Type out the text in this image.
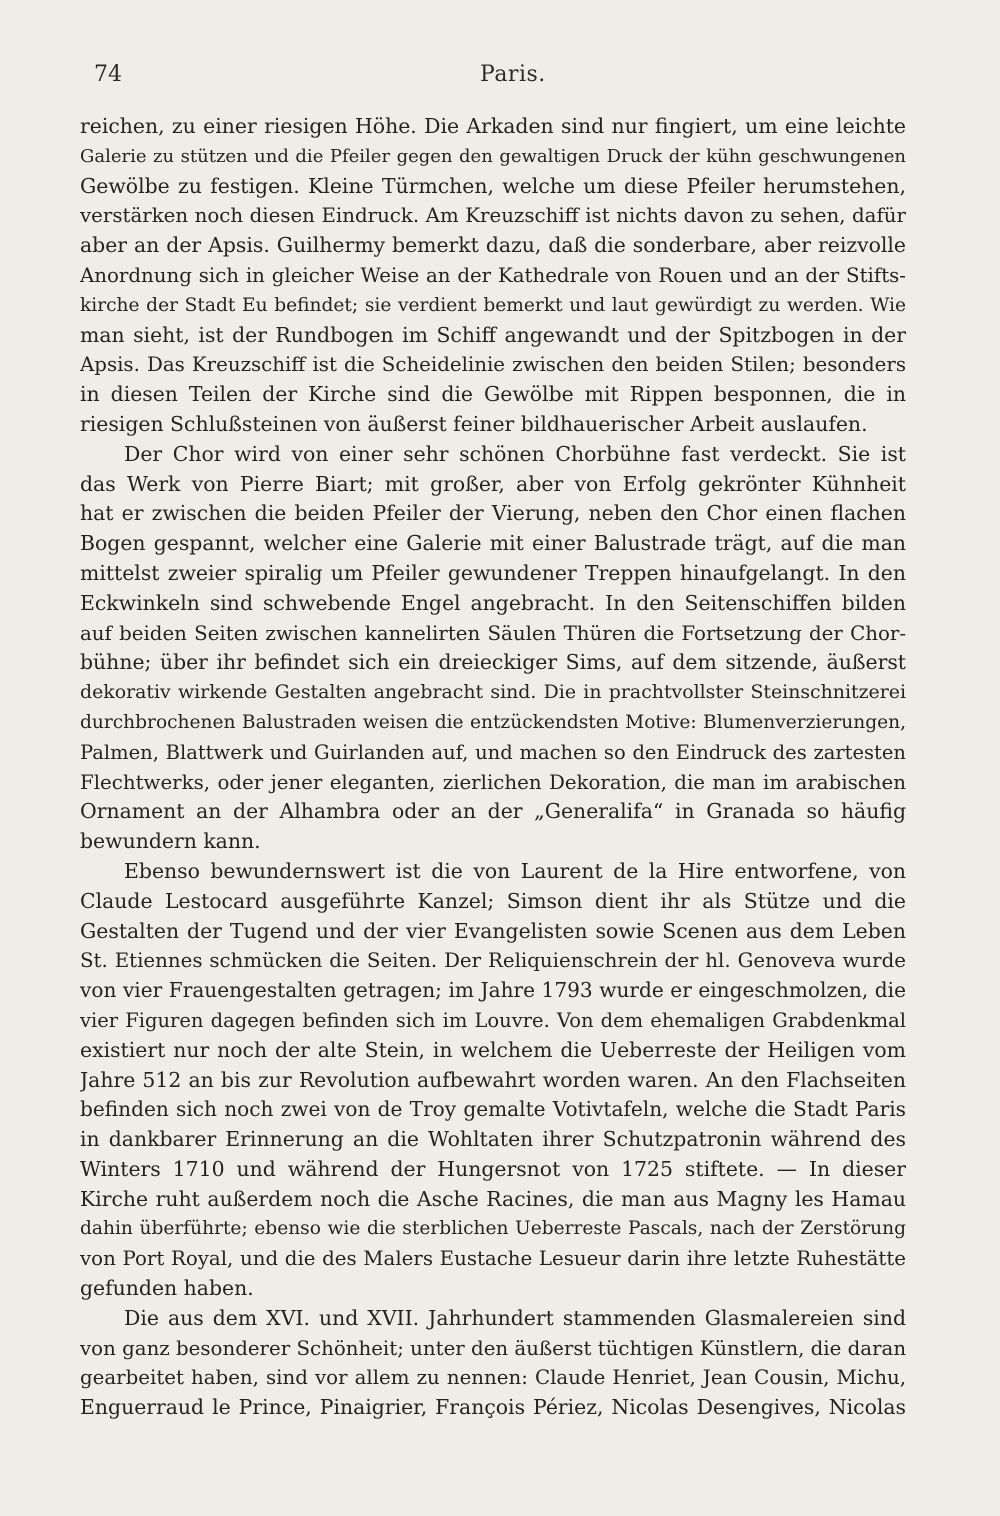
74	Paris.
reichen, zu einer riesigen Höhe. Die Arkaden sind nur fingiert, um eine leichte
Galerie zu stützen und die Pfeiler gegen den gewaltigen Druck der kühn geschwungenen
Gewölbe zu festigen. Kleine Türmchen, welche um diese Pfeiler herumstehen,
verstärken noch diesen Eindruck. Am Kreuzschiff ist nichts davon zu sehen, dafür
aber an der Apsis. Guilhermy bemerkt dazu, daß die sonderbare, aber reizvolle
Anordnung sich in gleicher Weise an der Kathedrale von Rouen und an der Stifts-
kirche der Stadt Eu befindet; sie verdient bemerkt und laut gewürdigt zu werden. Wie
man sieht, ist der Rundbogen im Schiff angewandt und der Spitzbogen in der
Apsis. Das Kreuzschiff ist die Scheidelinie zwischen den beiden Stilen; besonders
in diesen Teilen der Kirche sind die Gewölbe mit Rippen besponnen, die in
riesigen Schlußsteinen von äußerst feiner bildhauerischer Arbeit auslaufen.
Der Chor wird von einer sehr schönen Chorbühne fast verdeckt. Sie ist
das Werk von Pierre Biart; mit großer, aber von Erfolg gekrönter Kühnheit
hat er zwischen die beiden Pfeiler der Vierung, neben den Chor einen flachen
Bogen gespannt, welcher eine Galerie mit einer Balustrade trägt, auf die man
mittelst zweier spiralig um Pfeiler gewundener Treppen hinaufgelangt. In den
Eckwinkeln sind schwebende Engel angebracht. In den Seitenschiffen bilden
auf beiden Seiten zwischen kannelirten Säulen Thüren die Fortsetzung der Chor-
bühne; über ihr befindet sich ein dreieckiger Sims, auf dem sitzende, äußerst
dekorativ wirkende Gestalten angebracht sind. Die in prachtvollster Steinschnitzerei
durchbrochenen Balustraden weisen die entzückendsten Motive: Blumenverzierungen,
Palmen, Blattwerk und Guirlanden auf, und machen so den Eindruck des zartesten
Flechtwerks, oder jener eleganten, zierlichen Dekoration, die man im arabischen
Ornament an der Alhambra oder an der „Generalifa“ in Granada so häufig
bewundern kann.
Ebenso bewundernswert ist die von Laurent de la Hire entworfene, von
Claude Lestocard ausgeführte Kanzel; Simson dient ihr als Stütze und die
Gestalten der Tugend und der vier Evangelisten sowie Scenen aus dem Leben
St. Etiennes schmücken die Seiten. Der Reliquienschrein der hl. Genoveva wurde
von vier Frauengestalten getragen; im Jahre 1793 wurde er eingeschmolzen, die
vier Figuren dagegen befinden sich im Louvre. Von dem ehemaligen Grabdenkmal
existiert nur noch der alte Stein, in welchem die Ueberreste der Heiligen vom
Jahre 512 an bis zur Revolution aufbewahrt worden waren. An den Flachseiten
befinden sich noch zwei von de Troy gemalte Votivtafeln, welche die Stadt Paris
in dankbarer Erinnerung an die Wohltaten ihrer Schutzpatronin während des
Winters 1710 und während der Hungersnot von 1725 stiftete. — In dieser
Kirche ruht außerdem noch die Asche Racines, die man aus Magny les Hamau
dahin überführte; ebenso wie die sterblichen Ueberreste Pascals, nach der Zerstörung
von Port Royal, und die des Malers Eustache Lesueur darin ihre letzte Ruhestätte
gefunden haben.
Die aus dem XVI. und XVII. Jahrhundert stammenden Glasmalereien sind
von ganz besonderer Schönheit; unter den äußerst tüchtigen Künstlern, die daran
gearbeitet haben, sind vor allem zu nennen: Claude Henriet, Jean Cousin, Michu,
Enguerraud le Prince, Pinaigrier, François Périez, Nicolas Desengives, Nicolas
